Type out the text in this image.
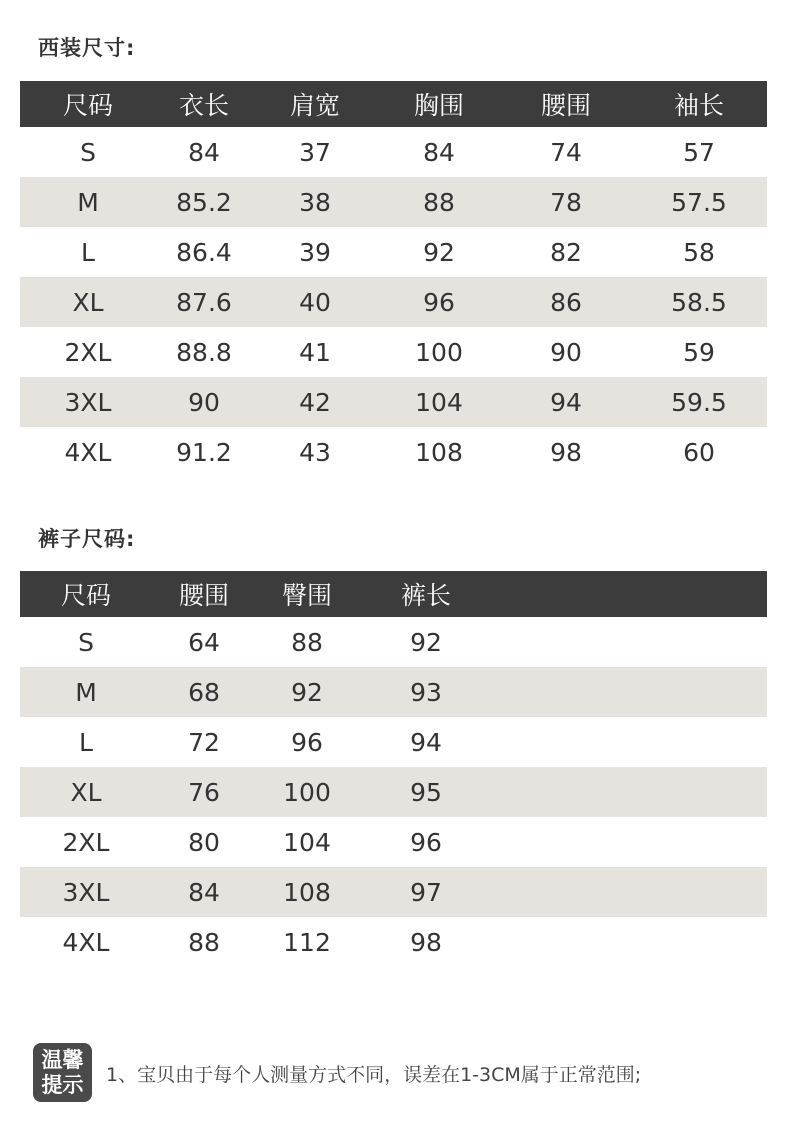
西装尺寸:
尺码	衣长	肩宽	胸围	腰围	袖长
S	84	37	84	74	57
M	85.2	38	88	78	57.5
L	86.4	39	92	82	58
XL	87.6	40	96	86	58.5
2XL	88.8	41	100	90	59
3XL	90	42	104	94	59.5
4XL	91.2	43	108	98	60
裤子尺码:
尺码	腰围	臀围	裤长
S	64	88	92
M	68	92	93
L	72	96	94
XL	76	100	95
2XL	80	104	96
3XL	84	108	97
4XL	88	112	98
温馨
提示 1、宝贝由于每个人测量方式不同，误差在1-3CM属于正常范围;
